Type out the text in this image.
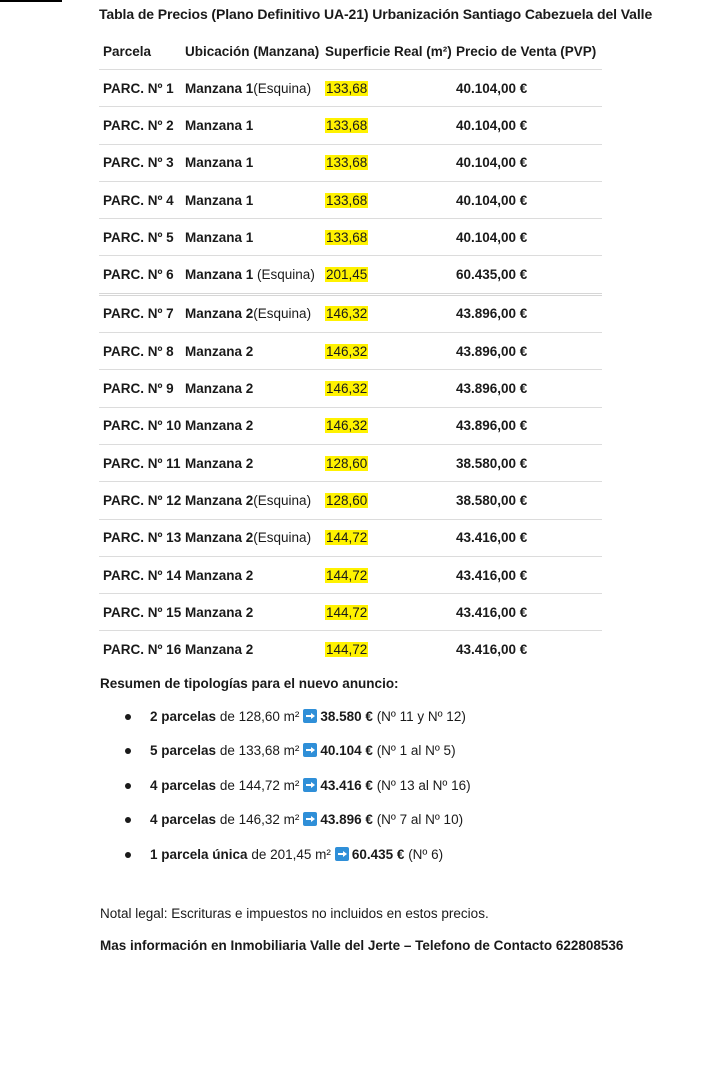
Tabla de Precios (Plano Definitivo UA-21) Urbanización Santiago Cabezuela del Valle
Parcela	Ubicación (Manzana)	Superficie Real (m²)	Precio de Venta (PVP)
PARC. Nº 1	Manzana 1(Esquina)	133,68	40.104,00 €
PARC. Nº 2	Manzana 1	133,68	40.104,00 €
PARC. Nº 3	Manzana 1	133,68	40.104,00 €
PARC. Nº 4	Manzana 1	133,68	40.104,00 €
PARC. Nº 5	Manzana 1	133,68	40.104,00 €
PARC. Nº 6	Manzana 1 (Esquina)	201,45	60.435,00 €
PARC. Nº 7	Manzana 2(Esquina)	146,32	43.896,00 €
PARC. Nº 8	Manzana 2	146,32	43.896,00 €
PARC. Nº 9	Manzana 2	146,32	43.896,00 €
PARC. Nº 10	Manzana 2	146,32	43.896,00 €
PARC. Nº 11	Manzana 2	128,60	38.580,00 €
PARC. Nº 12	Manzana 2(Esquina)	128,60	38.580,00 €
PARC. Nº 13	Manzana 2(Esquina)	144,72	43.416,00 €
PARC. Nº 14	Manzana 2	144,72	43.416,00 €
PARC. Nº 15	Manzana 2	144,72	43.416,00 €
PARC. Nº 16	Manzana 2	144,72	43.416,00 €
Resumen de tipologías para el nuevo anuncio:
2 parcelas de 128,60 m² 38.580 € (Nº 11 y Nº 12)
5 parcelas de 133,68 m² 40.104 € (Nº 1 al Nº 5)
4 parcelas de 144,72 m² 43.416 € (Nº 13 al Nº 16)
4 parcelas de 146,32 m² 43.896 € (Nº 7 al Nº 10)
1 parcela única de 201,45 m² 60.435 € (Nº 6)
Notal legal: Escrituras e impuestos no incluidos en estos precios.
Mas información en Inmobiliaria Valle del Jerte – Telefono de Contacto 622808536
